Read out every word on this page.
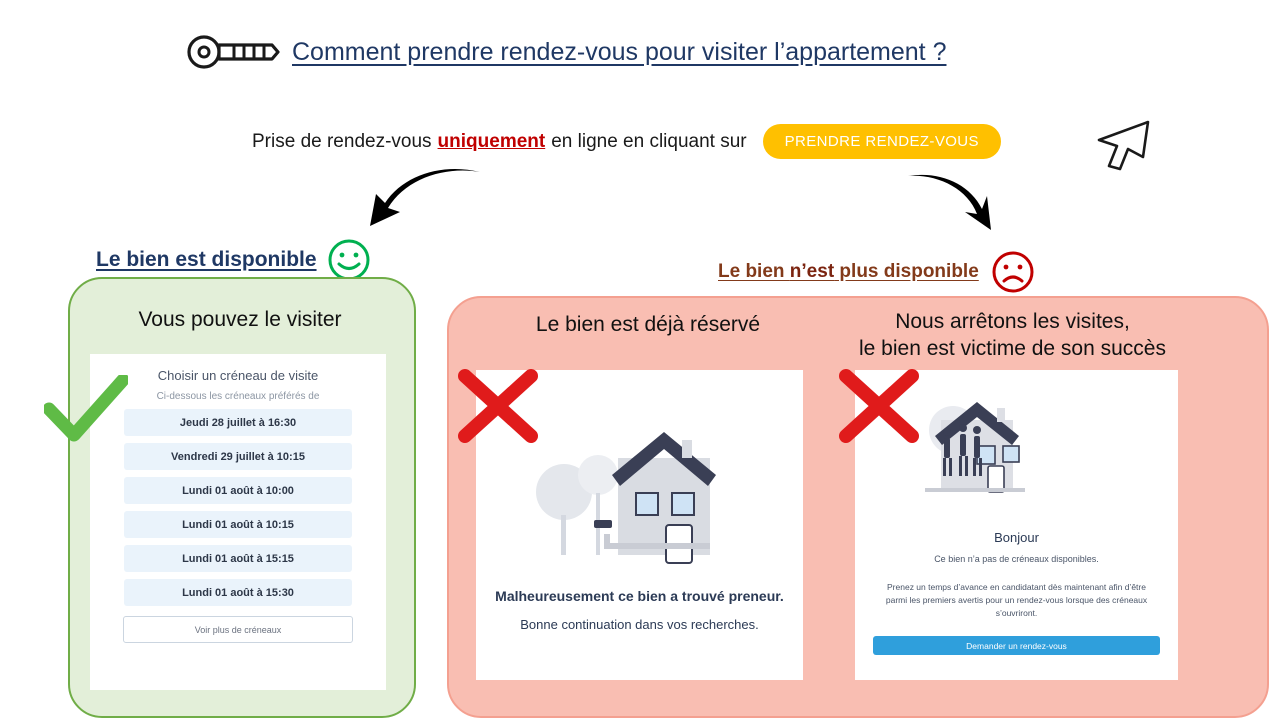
Comment prendre rendez-vous pour visiter l’appartement ?
Prise de rendez-vous uniquement en ligne en cliquant sur	PRENDRE RENDEZ-VOUS
Le bien est disponible
Le bien n’est plus disponible
Vous pouvez le visiter
Choisir un créneau de visite
Ci-dessous les créneaux préférés de
Jeudi 28 juillet à 16:30
Vendredi 29 juillet à 10:15
Lundi 01 août à 10:00
Lundi 01 août à 10:15
Lundi 01 août à 15:15
Lundi 01 août à 15:30
Voir plus de créneaux
Le bien est déjà réservé	Nous arrêtons les visites,
le bien est victime de son succès
Malheureusement ce bien a trouvé preneur.
Bonne continuation dans vos recherches.
Bonjour
Ce bien n’a pas de créneaux disponibles.
Prenez un temps d’avance en candidatant dès maintenant afin d’être parmi les premiers avertis pour un rendez-vous lorsque des créneaux s’ouvriront.
Demander un rendez-vous
